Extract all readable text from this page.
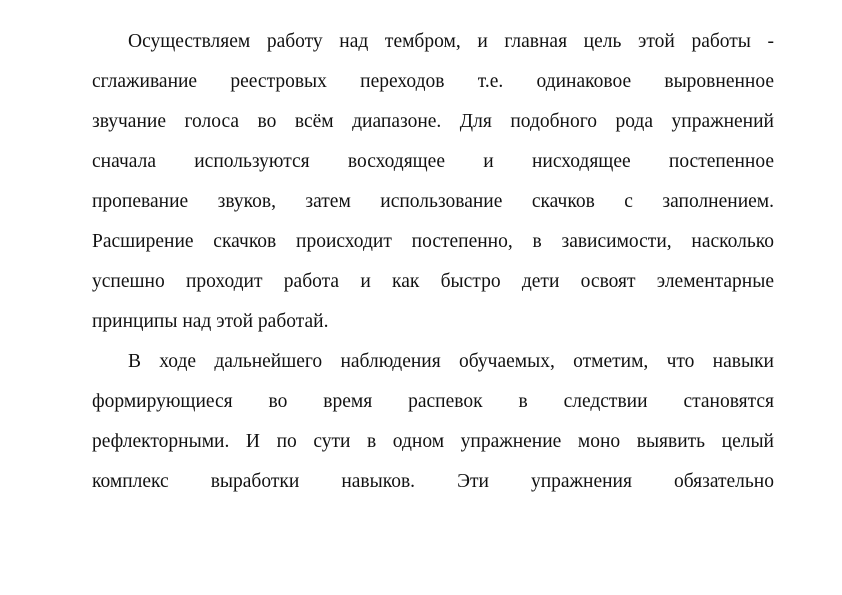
Осуществляем работу над тембром, и главная цель этой работы -
сглаживание реестровых переходов т.е. одинаковое выровненное
звучание голоса во всём диапазоне. Для подобного рода упражнений
сначала используются восходящее и нисходящее постепенное
пропевание звуков, затем использование скачков с заполнением.
Расширение скачков происходит постепенно, в зависимости, насколько
успешно проходит работа и как быстро дети освоят элементарные
принципы над этой работай.
В ходе дальнейшего наблюдения обучаемых, отметим, что навыки
формирующиеся во время распевок в следствии становятся
рефлекторными. И по сути в одном упражнение моно выявить целый
комплекс выработки навыков. Эти упражнения обязательно
